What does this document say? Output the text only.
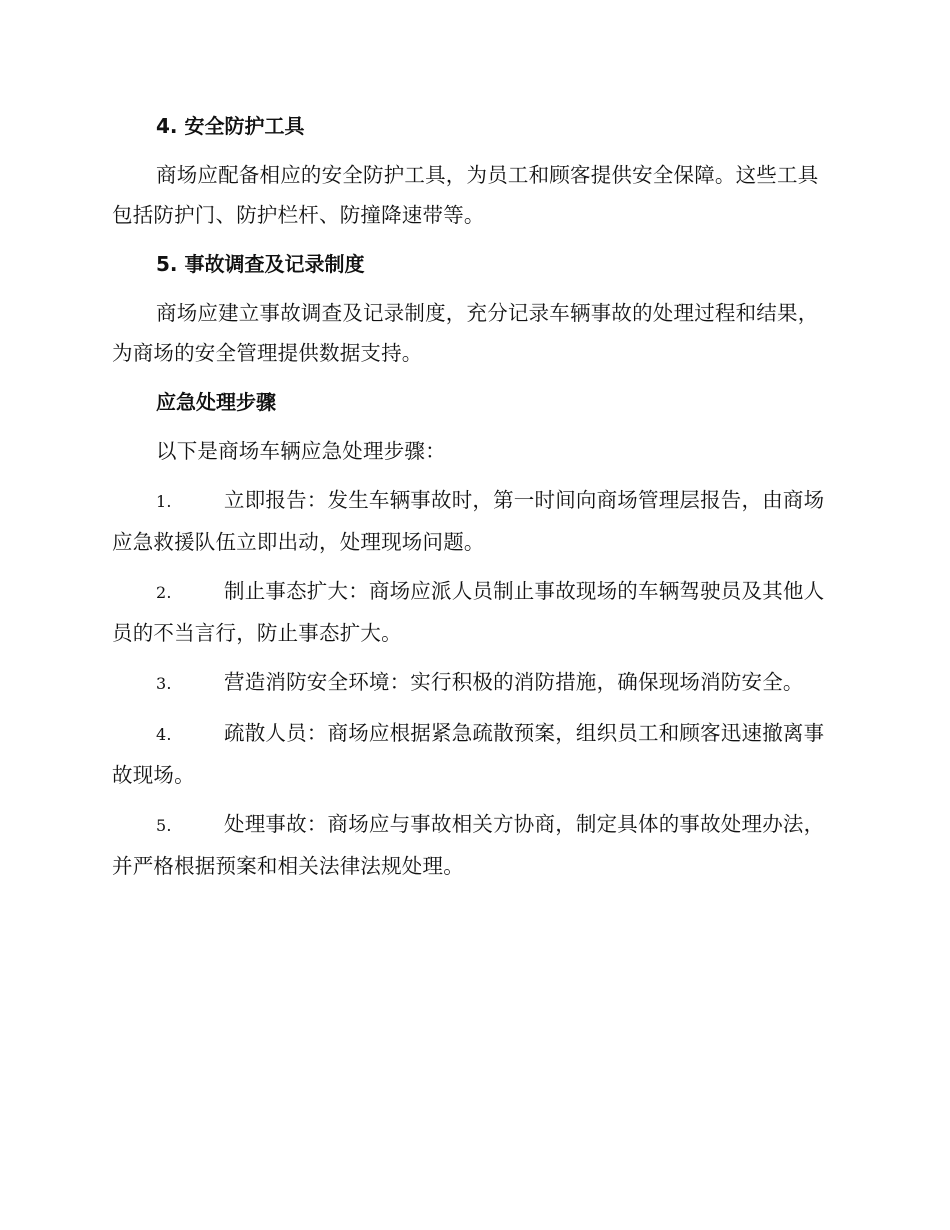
4. 安全防护工具
商场应配备相应的安全防护工具，为员工和顾客提供安全保障。这些工具包括防护门、防护栏杆、防撞降速带等。
5. 事故调查及记录制度
商场应建立事故调查及记录制度，充分记录车辆事故的处理过程和结果，为商场的安全管理提供数据支持。
应急处理步骤
以下是商场车辆应急处理步骤：
1.	立即报告：发生车辆事故时，第一时间向商场管理层报告，由商场应急救援队伍立即出动，处理现场问题。
2.	制止事态扩大：商场应派人员制止事故现场的车辆驾驶员及其他人员的不当言行，防止事态扩大。
3.	营造消防安全环境：实行积极的消防措施，确保现场消防安全。
4.	疏散人员：商场应根据紧急疏散预案，组织员工和顾客迅速撤离事故现场。
5.	处理事故：商场应与事故相关方协商，制定具体的事故处理办法，并严格根据预案和相关法律法规处理。
